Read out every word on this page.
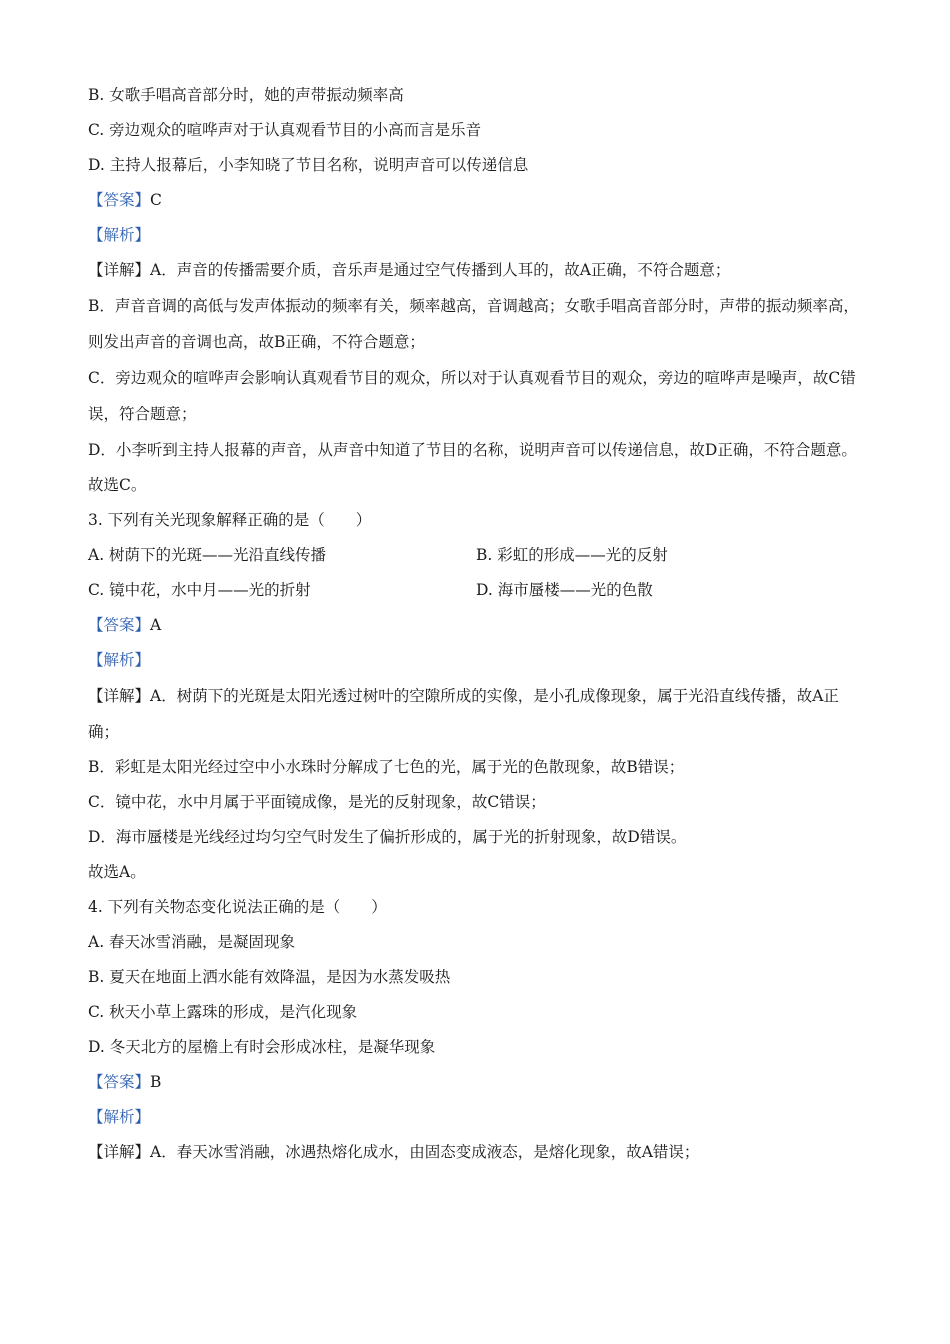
B. 女歌手唱高音部分时，她的声带振动频率高
C. 旁边观众的喧哗声对于认真观看节目的小高而言是乐音
D. 主持人报幕后，小李知晓了节目名称，说明声音可以传递信息
【答案】C
【解析】
【详解】A．声音的传播需要介质，音乐声是通过空气传播到人耳的，故A正确，不符合题意；
B．声音音调的高低与发声体振动的频率有关，频率越高，音调越高；女歌手唱高音部分时，声带的振动频率高，则发出声音的音调也高，故B正确，不符合题意；
C．旁边观众的喧哗声会影响认真观看节目的观众，所以对于认真观看节目的观众，旁边的喧哗声是噪声，故C错误，符合题意；
D．小李听到主持人报幕的声音，从声音中知道了节目的名称，说明声音可以传递信息，故D正确，不符合题意。
故选C。
3. 下列有关光现象解释正确的是（　　）
A. 树荫下的光斑——光沿直线传播	B. 彩虹的形成——光的反射
C. 镜中花，水中月——光的折射	D. 海市蜃楼——光的色散
【答案】A
【解析】
【详解】A．树荫下的光斑是太阳光透过树叶的空隙所成的实像，是小孔成像现象，属于光沿直线传播，故A正确；
B．彩虹是太阳光经过空中小水珠时分解成了七色的光，属于光的色散现象，故B错误；
C．镜中花，水中月属于平面镜成像，是光的反射现象，故C错误；
D．海市蜃楼是光线经过均匀空气时发生了偏折形成的，属于光的折射现象，故D错误。
故选A。
4. 下列有关物态变化说法正确的是（　　）
A. 春天冰雪消融，是凝固现象
B. 夏天在地面上洒水能有效降温，是因为水蒸发吸热
C. 秋天小草上露珠的形成，是汽化现象
D. 冬天北方的屋檐上有时会形成冰柱，是凝华现象
【答案】B
【解析】
【详解】A．春天冰雪消融，冰遇热熔化成水，由固态变成液态，是熔化现象，故A错误；
